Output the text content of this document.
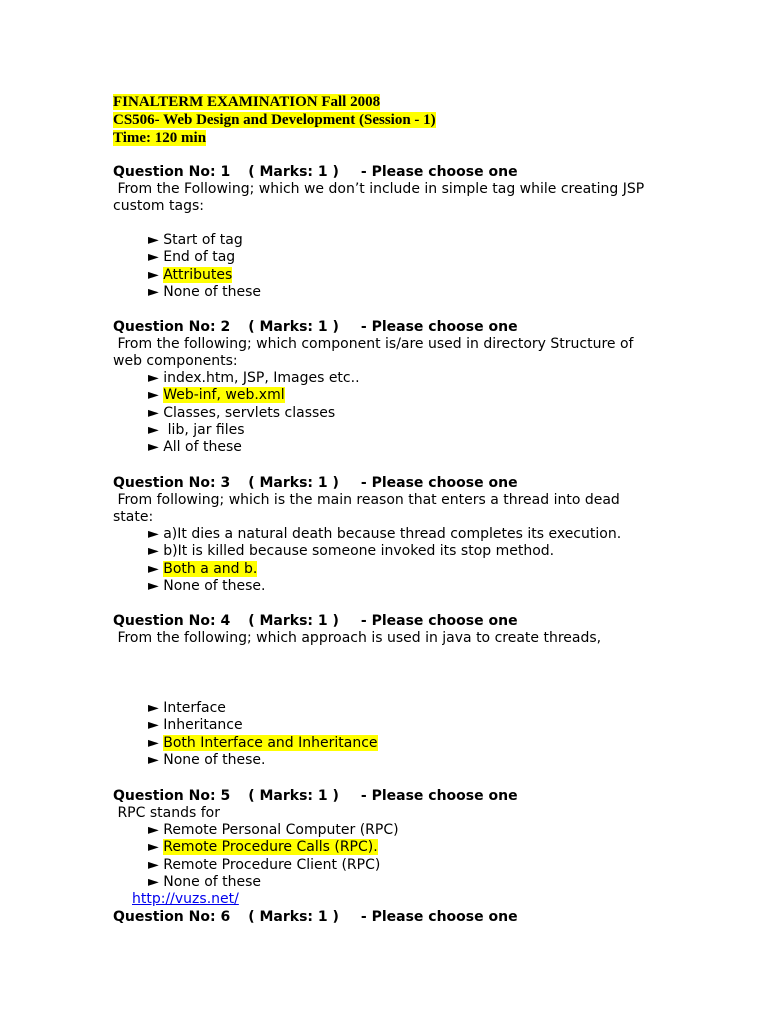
FINALTERM EXAMINATION Fall 2008
CS506- Web Design and Development (Session - 1)
Time: 120 min
Question No: 1 ( Marks: 1 ) - Please choose one
From the Following; which we don’t include in simple tag while creating JSP custom tags:
► Start of tag
► End of tag
► Attributes
► None of these
Question No: 2 ( Marks: 1 ) - Please choose one
From the following; which component is/are used in directory Structure of web components:
► index.htm, JSP, Images etc..
► Web-inf, web.xml
► Classes, servlets classes
►  lib, jar files
► All of these
Question No: 3 ( Marks: 1 ) - Please choose one
From following; which is the main reason that enters a thread into dead state:
► a)It dies a natural death because thread completes its execution.
► b)It is killed because someone invoked its stop method.
► Both a and b.
► None of these.
Question No: 4 ( Marks: 1 ) - Please choose one
From the following; which approach is used in java to create threads,
► Interface
► Inheritance
► Both Interface and Inheritance
► None of these.
Question No: 5 ( Marks: 1 ) - Please choose one
RPC stands for
► Remote Personal Computer (RPC)
► Remote Procedure Calls (RPC).
► Remote Procedure Client (RPC)
► None of these
http://vuzs.net/
Question No: 6 ( Marks: 1 ) - Please choose one
